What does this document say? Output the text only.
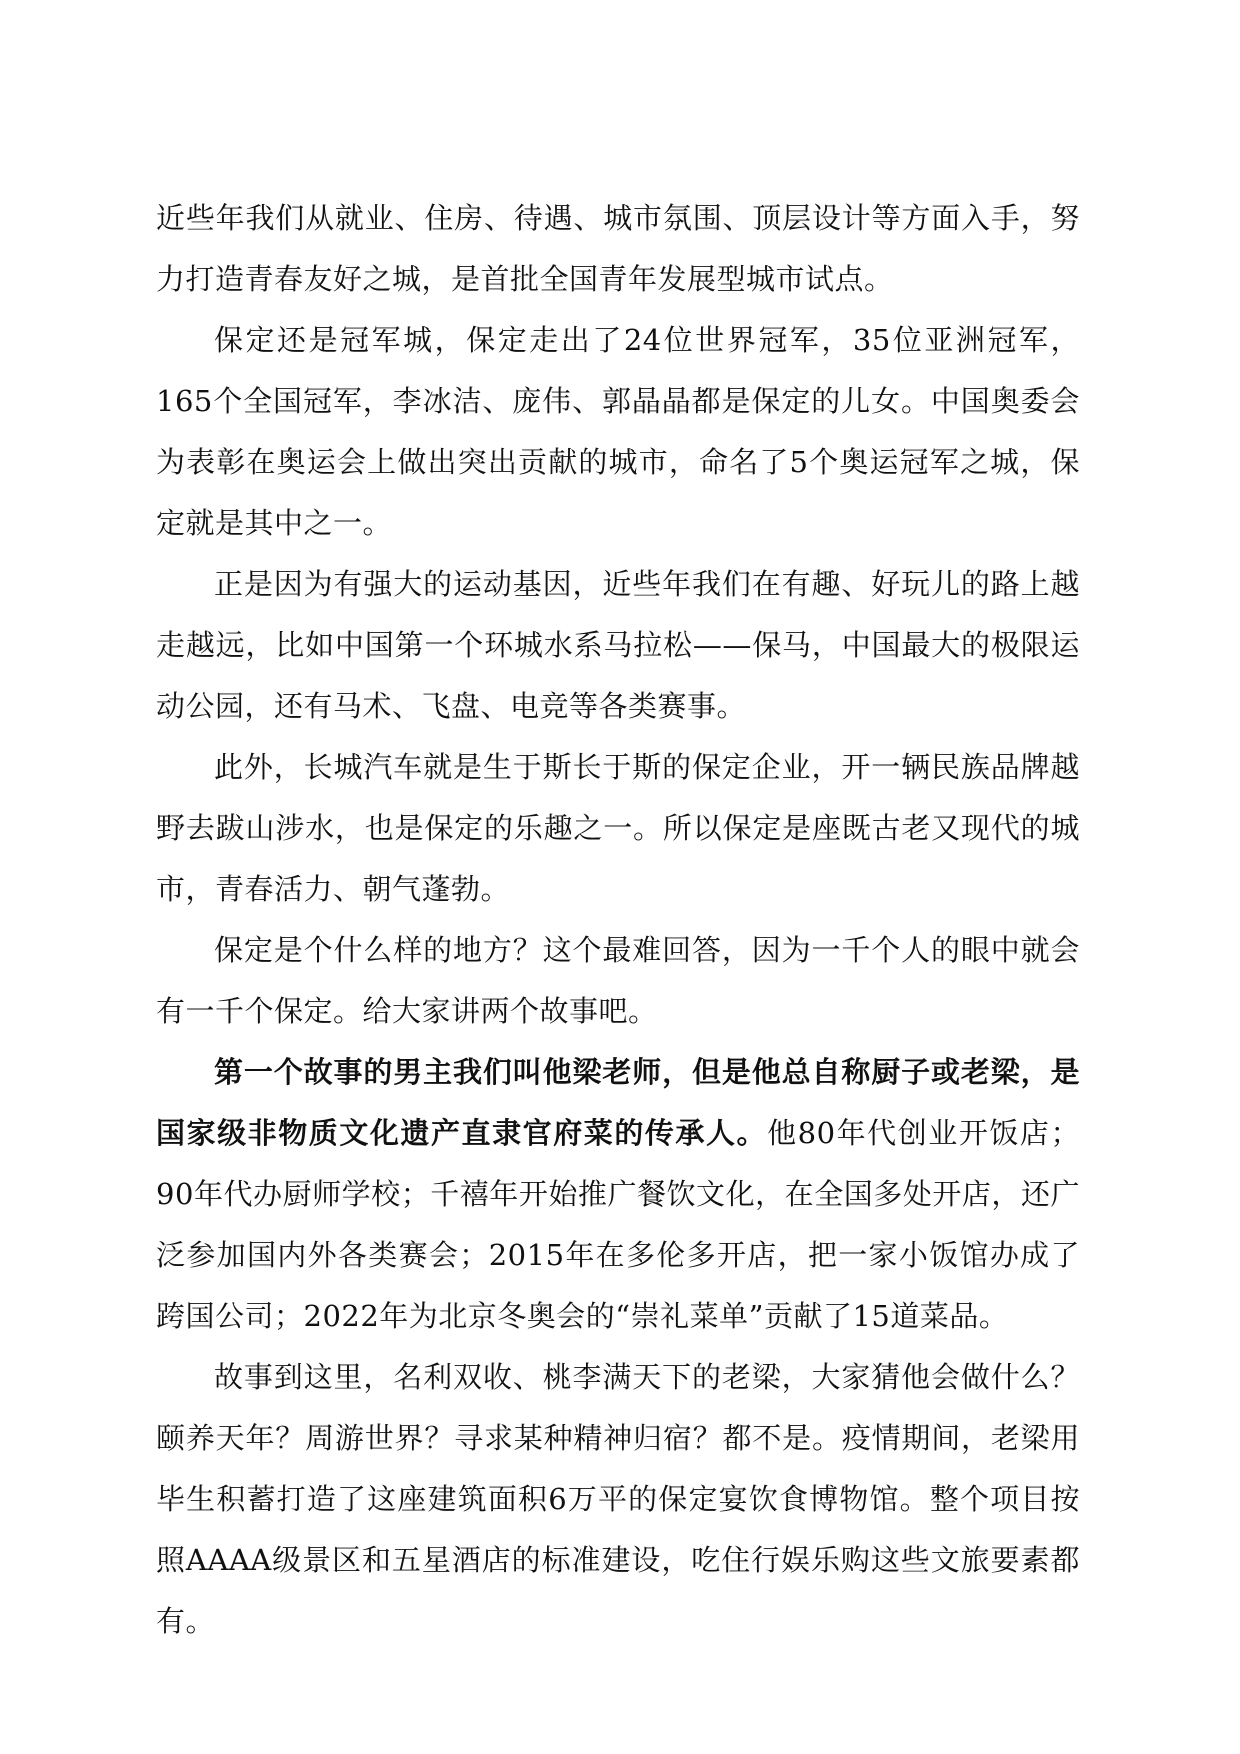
近些年我们从就业、住房、待遇、城市氛围、顶层设计等方面入手，努力打造青春友好之城，是首批全国青年发展型城市试点。

保定还是冠军城，保定走出了24位世界冠军，35位亚洲冠军，165个全国冠军，李冰洁、庞伟、郭晶晶都是保定的儿女。中国奥委会为表彰在奥运会上做出突出贡献的城市，命名了5个奥运冠军之城，保定就是其中之一。

正是因为有强大的运动基因，近些年我们在有趣、好玩儿的路上越走越远，比如中国第一个环城水系马拉松——保马，中国最大的极限运动公园，还有马术、飞盘、电竞等各类赛事。

此外，长城汽车就是生于斯长于斯的保定企业，开一辆民族品牌越野去跋山涉水，也是保定的乐趣之一。所以保定是座既古老又现代的城市，青春活力、朝气蓬勃。

保定是个什么样的地方？这个最难回答，因为一千个人的眼中就会有一千个保定。给大家讲两个故事吧。

第一个故事的男主我们叫他梁老师，但是他总自称厨子或老梁，是国家级非物质文化遗产直隶官府菜的传承人。他80年代创业开饭店；90年代办厨师学校；千禧年开始推广餐饮文化，在全国多处开店，还广泛参加国内外各类赛会；2015年在多伦多开店，把一家小饭馆办成了跨国公司；2022年为北京冬奥会的“崇礼菜单”贡献了15道菜品。

故事到这里，名利双收、桃李满天下的老梁，大家猜他会做什么？颐养天年？周游世界？寻求某种精神归宿？都不是。疫情期间，老梁用毕生积蓄打造了这座建筑面积6万平的保定宴饮食博物馆。整个项目按照AAAA级景区和五星酒店的标准建设，吃住行娱乐购这些文旅要素都有。
